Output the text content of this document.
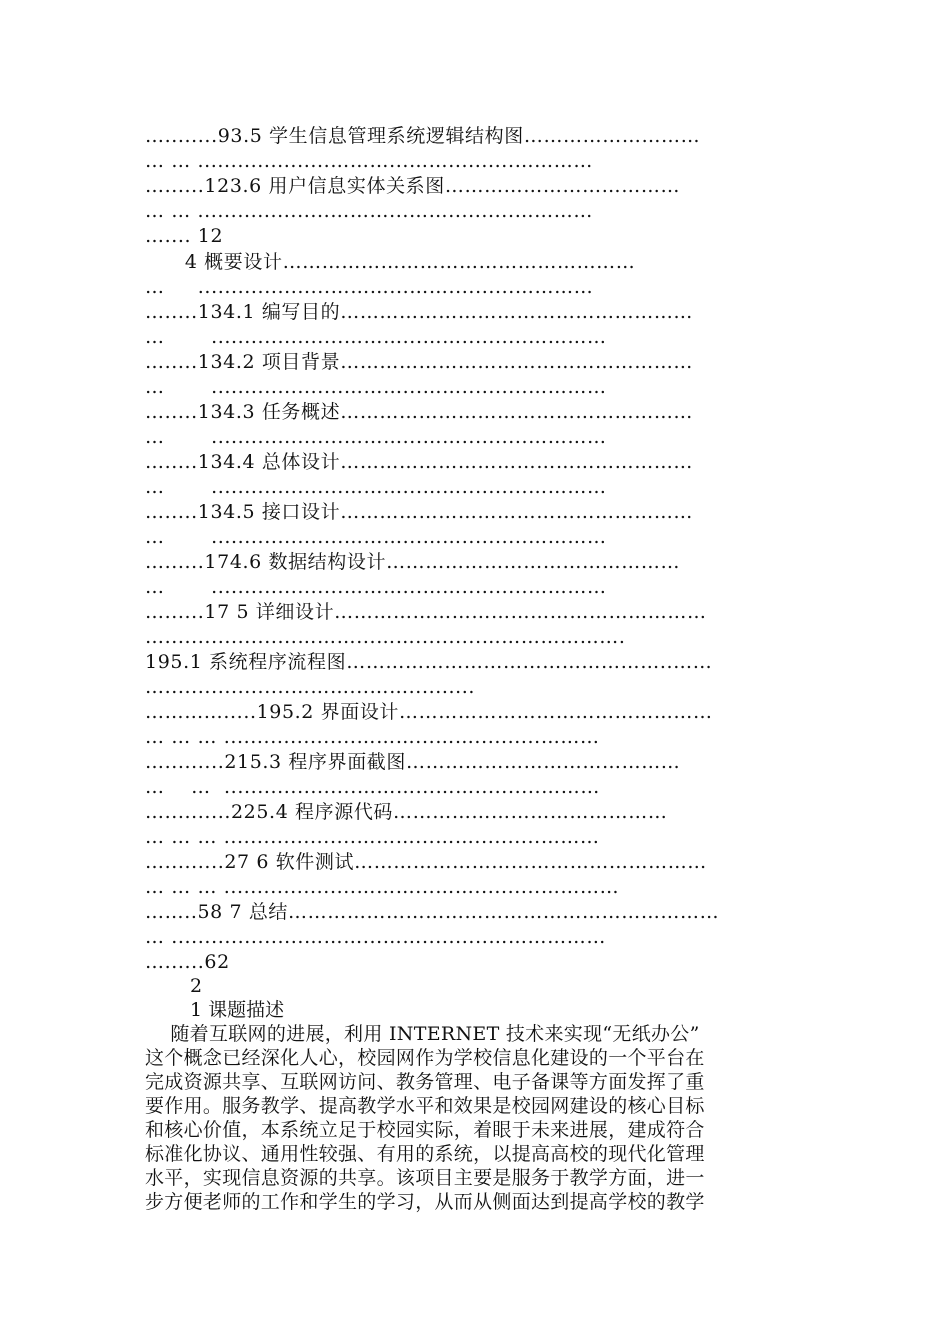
…........93.5 学生信息管理系统逻辑结构图………………………
… … ....................………...……..........…………
…......123.6 用户信息实体关系图………………………………
… … ....................………...……..........…………
….... 12
4 概要设计………………………………………………
…     ....................………...……..........…………
….....134.1 编写目的………………………………………………
…       ....................………...……..........…………
….....134.2 项目背景………………………………………………
…       ....................………...……..........…………
….....134.3 任务概述………………………………………………
…       ....................………...……..........…………
….....134.4 总体设计………………………………………………
…       ....................………...……..........…………
….....134.5 接口设计………………………………………………
…       ....................………...……..........…………
…......174.6 数据结构设计………………………………………
…       ....................………...……..........…………
…......17 5 详细设计…………………………………………………
…....................………...……..........………………….
195.1 系统程序流程图…………………………………………..……
…...................………...……..........
………….....195.2 界面设计…………………………………………
… … … ....................………...……..........………
….........215.3 程序界面截图……………………………………
…    …  ....................………...……..........………
…..........225.4 程序源代码……………………………………
… … … ....................………...……..........………
….........27 6 软件测试………………………………………………
… … … ....................………...……..........…………
……..58 7 总结…………………………………………………………
… ....................………...……..........………………
…......62
2
1 课题描述
随着互联网的进展，利用 INTERNET 技术来实现“无纸办公”
这个概念已经深化人心，校园网作为学校信息化建设的一个平台在
完成资源共享、互联网访问、教务管理、电子备课等方面发挥了重
要作用。服务教学、提高教学水平和效果是校园网建设的核心目标
和核心价值，本系统立足于校园实际，着眼于未来进展，建成符合
标准化协议、通用性较强、有用的系统，以提高高校的现代化管理
水平，实现信息资源的共享。该项目主要是服务于教学方面，进一
步方便老师的工作和学生的学习，从而从侧面达到提高学校的教学
